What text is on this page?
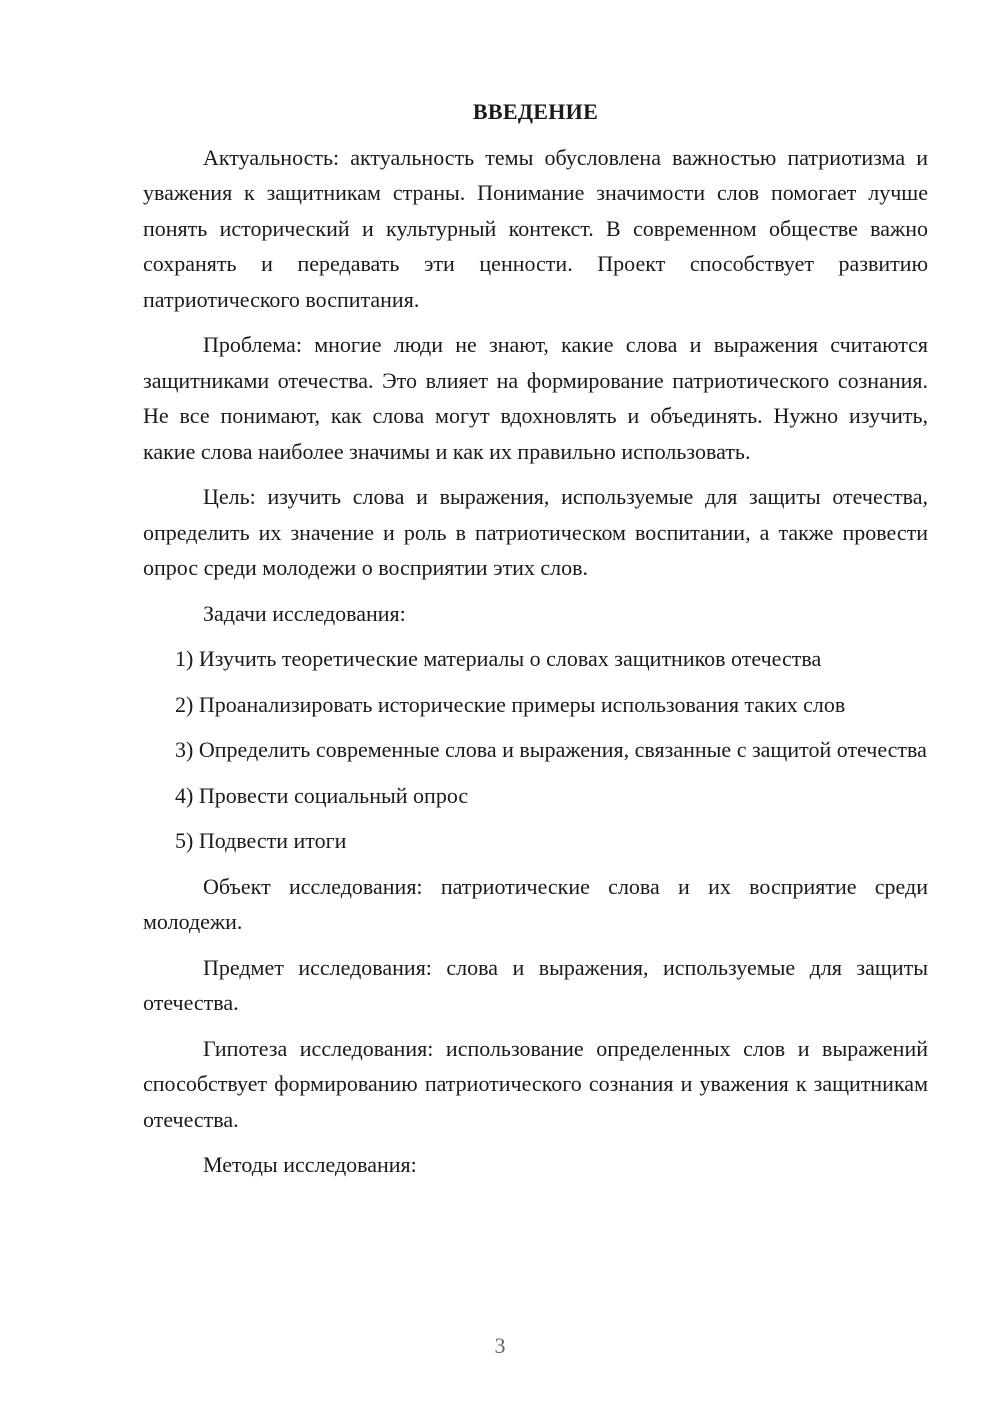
ВВЕДЕНИЕ

Актуальность: актуальность темы обусловлена важностью патриотизма и уважения к защитникам страны. Понимание значимости слов помогает лучше понять исторический и культурный контекст. В современном обществе важно сохранять и передавать эти ценности. Проект способствует развитию патриотического воспитания.

Проблема: многие люди не знают, какие слова и выражения считаются защитниками отечества. Это влияет на формирование патриотического сознания. Не все понимают, как слова могут вдохновлять и объединять. Нужно изучить, какие слова наиболее значимы и как их правильно использовать.

Цель: изучить слова и выражения, используемые для защиты отечества, определить их значение и роль в патриотическом воспитании, а также провести опрос среди молодежи о восприятии этих слов.

Задачи исследования:

1) Изучить теоретические материалы о словах защитников отечества

2) Проанализировать исторические примеры использования таких слов

3) Определить современные слова и выражения, связанные с защитой отечества

4) Провести социальный опрос

5) Подвести итоги

Объект исследования: патриотические слова и их восприятие среди молодежи.

Предмет исследования: слова и выражения, используемые для защиты отечества.

Гипотеза исследования: использование определенных слов и выражений способствует формированию патриотического сознания и уважения к защитникам отечества.

Методы исследования:

3
